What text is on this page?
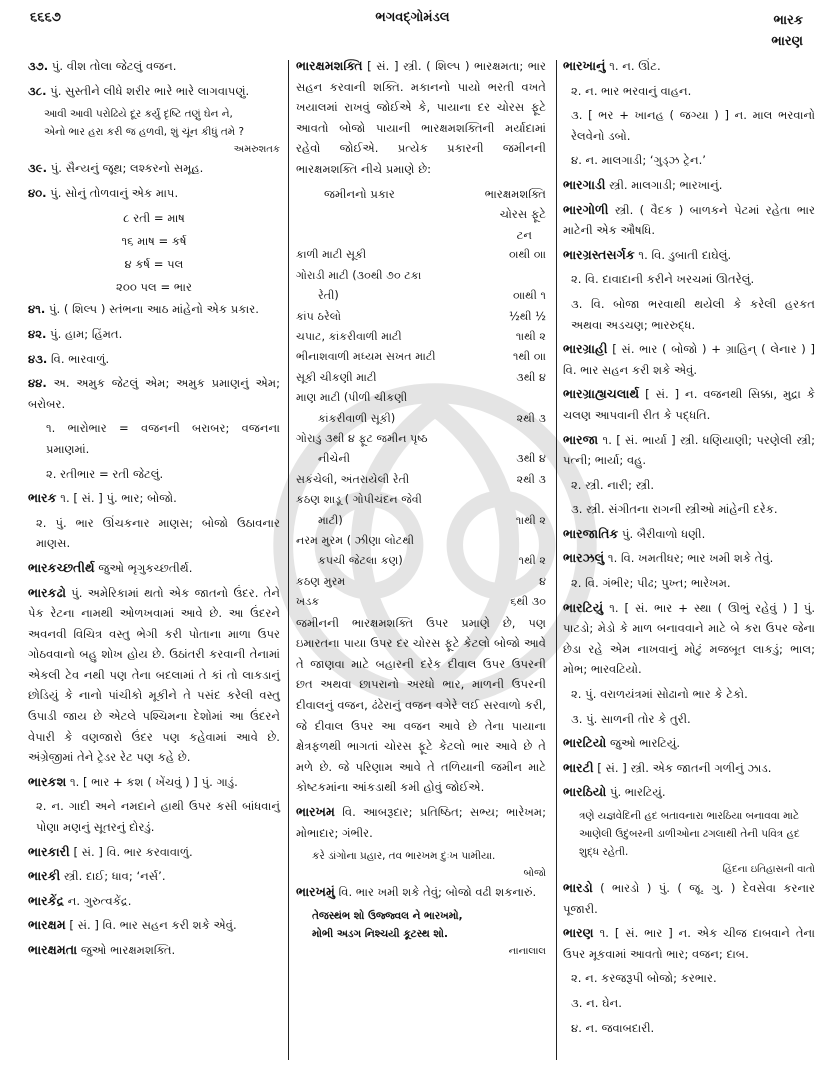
૬૬૬૭	ભગવદ્ગોમંડલ	ભારક
ભારણ
૩૭. પું. વીશ તોલા જેટલું વજન.
૩૮. પું. સુસ્તીને લીધે શરીર ભારે ભારે લાગવાપણું.
આવી આવી પરોઢિયે દૂર કર્યું દૃષ્ટિ તણું ઘેન ને,
એનો ભાર હરા કરી જ હળવી, શું ચૂંન કીધું તમે ?
અમરુશતક
૩૯. પું. સૈન્યનું જૂથ; લશ્કરનો સમૂહ.
૪૦. પું. સોનું તોળવાનું એક માપ.
૮ રતી = માષ
૧૬ માષ = કર્ષ
૪ કર્ષ = પલ
૨૦૦ પલ = ભાર
૪૧. પું. ( શિલ્પ ) સ્તંભના આઠ માંહેનો એક પ્રકાર.
૪૨. પું. હામ; હિંમત.
૪૩. વિ. ભારવાળું.
૪૪. અ. અમુક જેટલું એમ; અમુક પ્રમાણનું એમ; બરોબર.
૧. ભારોભાર = વજનની બરાબર; વજનના પ્રમાણમાં.
૨. રતીભાર = રતી જેટલું.
ભારક ૧. [ સં. ] પું. ભાર; બોજો.
૨. પું. ભાર ઊંચકનાર માણસ; બોજો ઉઠાવનાર માણસ.
ભારકચ્છતીર્થ જુઓ ભૃગુકચ્છતીર્થ.
ભારકઢો પું. અમેરિકામાં થતો એક જાતનો ઉંદર. તેને પેક રેટના નામથી ઓળખવામાં આવે છે. આ ઉંદરને અવનવી વિચિત્ર વસ્તુ ભેગી કરી પોતાના માળા ઉપર ગોઠવવાનો બહુ શોખ હોય છે. ઉઠાંતરી કરવાની તેનામાં એકલી ટેવ નથી પણ તેના બદલામાં તે કાં તો લાકડાનું છોડિયું કે નાનો પાંચીકો મૂકીને તે પસંદ કરેલી વસ્તુ ઉપાડી જાય છે એટલે પશ્ચિમના દેશોમાં આ ઉંદરને વેપારી કે વણજારો ઉંદર પણ કહેવામાં આવે છે. અંગ્રેજીમાં તેને ટ્રેડર રેટ પણ કહે છે.
ભારકશ ૧. [ ભાર + કશ ( ખેંચવું ) ] પું. ગાડું.
૨. ન. ગાદી અને નમદાને હાથી ઉપર કસી બાંધવાનું પોણા મણનું સૂતરનું દોરડું.
ભારકારી [ સં. ] વિ. ભાર કરવાવાળું.
ભારકી સ્ત્રી. દાઈ; ધાવ; ‘નર્સ’.
ભારકેંદ્ર ન. ગુરુત્વકેંદ્ર.
ભારક્ષમ [ સં. ] વિ. ભાર સહન કરી શકે એવું.
ભારક્ષમતા જુઓ ભારક્ષમશક્તિ.
ભારક્ષમશક્તિ [ સં. ] સ્ત્રી. ( શિલ્પ ) ભારક્ષમતા; ભાર સહન કરવાની શક્તિ. મકાનનો પાયો ભરતી વખતે ખયાલમાં રાખવું જોઈએ કે, પાયાના દર ચોરસ ફૂટે આવતો બોજો પાયાની ભારક્ષમશક્તિની મર્યાદામાં રહેવો જોઈએ. પ્રત્યેક પ્રકારની જમીનની ભારક્ષમશક્તિ નીચે પ્રમાણે છે:
જમીનનો પ્રકાર	ભારક્ષમશક્તિ
ચોરસ ફૂટે
ટન
કાળી માટી સૂકી	૦ાથી ૦ાા
ગોરાડી માટી (૩૦થી ૭૦ ટકા	
રેતી)	૦ાાથી ૧
કાંપ ઠરેલો	½થી ½
ચપાટ, કાંકરીવાળી માટી	૧ાથી ૨
ભીનાશવાળી મધ્યમ સખત માટી	૧થી ૦ાા
સૂકી ચીકણી માટી	૩થી ૪
માણ માટી (પીળી ચીકણી	
કાંકરીવાળી સૂકી)	૨થી ૩
ગોરાડુ ૩થી ૪ ફૂટ જમીન પૃષ્ઠ	
નીચેની	૩થી ૪
સકંચેલી, અંતરાયેલી રેતી	૨થી ૩
કઠણ શાડૂ ( ગોપીચંદન જેવી	
માટી)	૧ાથી ૨
નરમ મુરમ ( ઝીણા લોટથી	
કપચી જેટલા કણ)	૧થી ૨
કઠણ મુરમ	૪
ખડક	૬થી ૩૦
જમીનની ભારક્ષમશક્તિ ઉપર પ્રમાણે છે, પણ ઇમારતના પાયા ઉપર દર ચોરસ ફૂટે કેટલો બોજો આવે તે જાણવા માટે બહારની દરેક દીવાલ ઉપર ઉપરની છત અથવા છાપરાનો અરધો ભાર, માળની ઉપરની દીવાલનું વજન, ઢંઢેરાનું વજન વગેરે લઈ સરવાળો કરી, જે દીવાલ ઉપર આ વજન આવે છે તેના પાયાના ક્ષેત્રફળથી ભાગતાં ચોરસ ફૂટે કેટલો ભાર આવે છે તે મળે છે. જે પરિણામ આવે તે તળિયાની જમીન માટે કોષ્ટકમાંના આંકડાથી કમી હોવું જોઈએ.
ભારખમ વિ. આબરૂદાર; પ્રતિષ્ઠિત; સભ્ય; ભારેખમ; મોભાદાર; ગંભીર.
કરે ડાંગોના પ્રહાર, તવ ભારખમ દુઃખ પામીયા.
બોજો
ભારખમું વિ. ભાર ખમી શકે તેવું; બોજો વઢી શકનારું.
તેજસ્થંભ શો ઉજ્જ્વલ ને ભારખમો,
મોભી અડગ નિશ્ચયી કૂટસ્થ શો.
નાનાલાલ
ભારખાનું ૧. ન. ઊંટ.
૨. ન. ભાર ભરવાનું વાહન.
૩. [ ભર + ખાનહ ( જગ્યા ) ] ન. માલ ભરવાનો રેલવેનો ડબો.
૪. ન. માલગાડી; ‘ગુડ્ઝ ટ્રેન.’
ભારગાડી સ્ત્રી. માલગાડી; ભારખાનું.
ભારગોળી સ્ત્રી. ( વૈદક ) બાળકને પેટમાં રહેતા ભાર માટેની એક ઔષધિ.
ભારગ્રસ્તસર્ગક ૧. વિ. ડુબાતી દાઘેલું.
૨. વિ. દાવાદાની કરીને ખરચમાં ઊતરેલું.
૩. વિ. બોજા ભરવાથી થયેલી કે કરેલી હરકત અથવા અડચણ; ભારરુદ્ધ.
ભારગ્રાહી [ સં. ભાર ( બોજો ) + ગ્રાહિન્ ( લેનાર ) ] વિ. ભાર સહન કરી શકે એવું.
ભારગ્રાહ્યચલાર્થ [ સં. ] ન. વજનથી સિક્કા, મુદ્રા કે ચલણ આપવાની રીત કે પદ્ધતિ.
ભારજા ૧. [ સં. ભાર્યા ] સ્ત્રી. ધણિયાણી; પરણેલી સ્ત્રી; પત્ની; ભાર્યા; વહુ.
૨. સ્ત્રી. નારી; સ્ત્રી.
૩. સ્ત્રી. સંગીતના રાગની સ્ત્રીઓ માંહેની દરેક.
ભારજાતિક પું. બૈરીવાળો ધણી.
ભારઝલું ૧. વિ. ખમતીધર; ભાર ખમી શકે તેવું.
૨. વિ. ગંભીર; પીઢ; પુખ્ત; ભારેખમ.
ભારટિયું ૧. [ સં. ભાર + સ્થા ( ઊભું રહેવું ) ] પું. પાટડો; મેડો કે માળ બનાવવાને માટે બે કરા ઉપર જેના છેડા રહે એમ નાખવાનું મોટું મજબૂત લાકડું; ભાલ; મોભ; ભારવટિયો.
૨. પું. વરાળયંત્રમાં સોઢાનો ભાર કે ટેકો.
૩. પું. સાળની તોર કે તુરી.
ભારટિયો જુઓ ભારટિયું.
ભારટી [ સં. ] સ્ત્રી. એક જાતની ગળીનું ઝાડ.
ભારઠિયો પું. ભારટિયું.
ત્રણે યજ્ઞવેદિની હદ બતાવનારા ભારઠિયા બનાવવા માટે આણેલી ઉદુંબરની ડાળીઓના ઢગલાથી તેની પવિત્ર હદ શુદ્ધ રહેતી.
હિંદના ઇતિહાસની વાતો
ભારડો ( ભારડો ) પું. ( જૂ. ગુ. ) દેવસેવા કરનાર પૂજારી.
ભારણ ૧. [ સં. ભાર ] ન. એક ચીજ દાબવાને તેના ઉપર મૂકવામાં આવતો ભાર; વજન; દાબ.
૨. ન. કરજરૂપી બોજો; કરભાર.
૩. ન. ઘેન.
૪. ન. જવાબદારી.
